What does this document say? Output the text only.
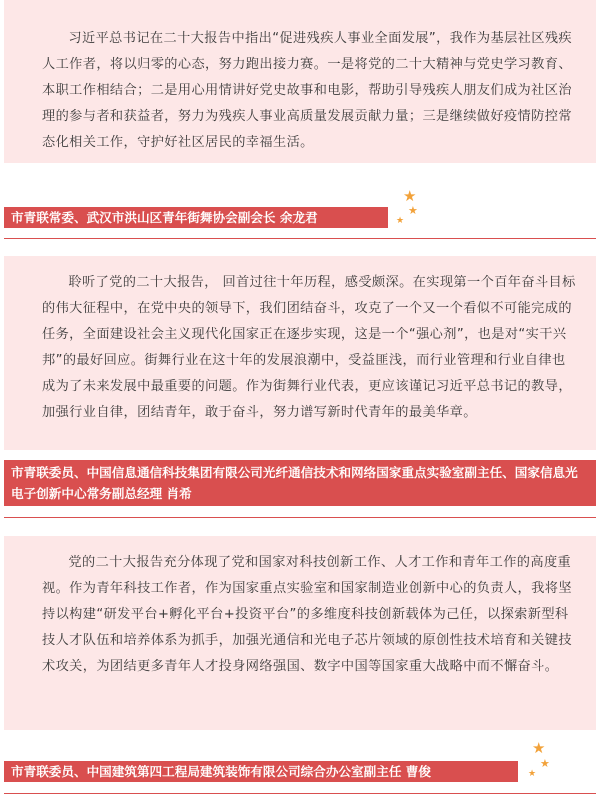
习近平总书记在二十大报告中指出“促进残疾人事业全面发展”，我作为基层社区残疾人工作者，将以归零的心态，努力跑出接力赛。一是将党的二十大精神与党史学习教育、本职工作相结合；二是用心用情讲好党史故事和电影，帮助引导残疾人朋友们成为社区治理的参与者和获益者，努力为残疾人事业高质量发展贡献力量；三是继续做好疫情防控常态化相关工作，守护好社区居民的幸福生活。

市青联常委、武汉市洪山区青年街舞协会副会长 余龙君
★
★
★

聆听了党的二十大报告， 回首过往十年历程，感受颇深。在实现第一个百年奋斗目标的伟大征程中，在党中央的领导下，我们团结奋斗，攻克了一个又一个看似不可能完成的任务，全面建设社会主义现代化国家正在逐步实现，这是一个“强心剂”，也是对“实干兴邦”的最好回应。街舞行业在这十年的发展浪潮中，受益匪浅，而行业管理和行业自律也成为了未来发展中最重要的问题。作为街舞行业代表，更应该谨记习近平总书记的教导，加强行业自律，团结青年，敢于奋斗，努力谱写新时代青年的最美华章。

市青联委员、中国信息通信科技集团有限公司光纤通信技术和网络国家重点实验室副主任、国家信息光电子创新中心常务副总经理 肖希

党的二十大报告充分体现了党和国家对科技创新工作、人才工作和青年工作的高度重视。作为青年科技工作者，作为国家重点实验室和国家制造业创新中心的负责人，我将坚持以构建“研发平台+孵化平台+投资平台”的多维度科技创新载体为己任，以探索新型科技人才队伍和培养体系为抓手，加强光通信和光电子芯片领域的原创性技术培育和关键技术攻关，为团结更多青年人才投身网络强国、数字中国等国家重大战略中而不懈奋斗。

市青联委员、中国建筑第四工程局建筑装饰有限公司综合办公室副主任 曹俊
★
★
★
